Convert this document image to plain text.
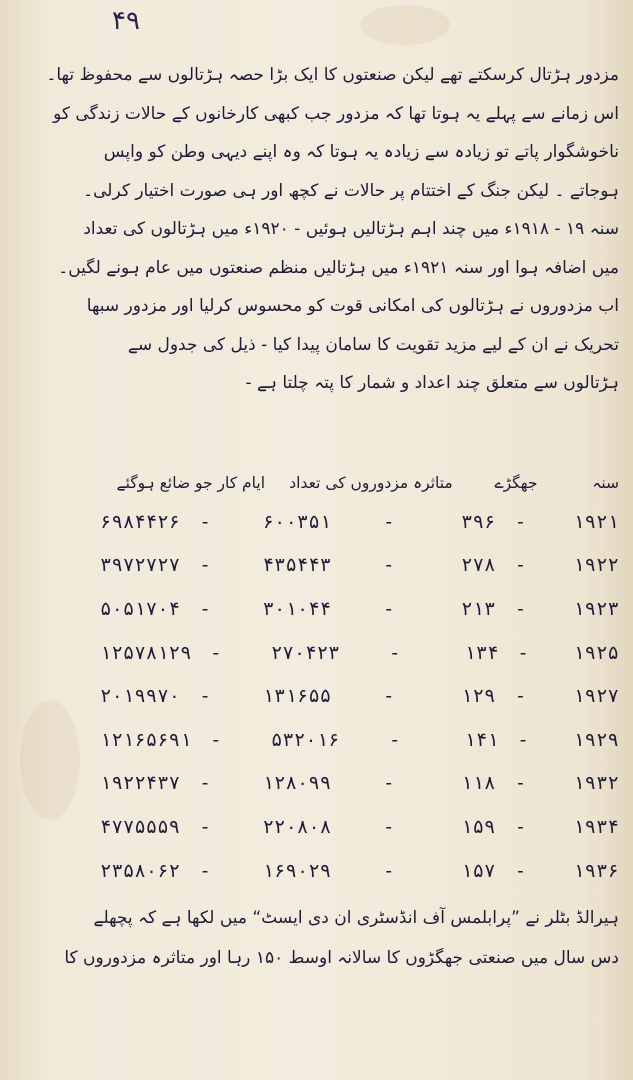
۴۹
مزدور ہڑتال کرسکتے تھے لیکن صنعتوں کا ایک بڑا حصہ ہڑتالوں سے محفوظ تھا۔
اس زمانے سے پہلے یہ ہوتا تھا کہ مزدور جب کبھی کارخانوں کے حالات زندگی کو
ناخوشگوار پاتے تو زیادہ سے زیادہ یہ ہوتا کہ وہ اپنے دیہی وطن کو واپس
ہوجاتے ۔ لیکن جنگ کے اختتام پر حالات نے کچھ اور ہی صورت اختیار کرلی۔
سنہ ۱۹ - ۱۹۱۸ء میں چند اہم ہڑتالیں ہوئیں - ۱۹۲۰ء میں ہڑتالوں کی تعداد
میں اضافہ ہوا اور سنہ ۱۹۲۱ء میں ہڑتالیں منظم صنعتوں میں عام ہونے لگیں۔
اب مزدوروں نے ہڑتالوں کی امکانی قوت کو محسوس کرلیا اور مزدور سبھا
تحریک نے ان کے لیے مزید تقویت کا سامان پیدا کیا - ذیل کی جدول سے
ہڑتالوں سے متعلق چند اعداد و شمار کا پتہ چلتا ہے -
سنہ
جھگڑے
متاثرہ مزدوروں کی تعداد
ایام کار جو ضائع ہوگئے
۱۹۲۱
-
۳۹۶
-
۶۰۰۳۵۱
-
۶۹۸۴۴۲۶
۱۹۲۲
-
۲۷۸
-
۴۳۵۴۴۳
-
۳۹۷۲۷۲۷
۱۹۲۳
-
۲۱۳
-
۳۰۱۰۴۴
-
۵۰۵۱۷۰۴
۱۹۲۵
-
۱۳۴
-
۲۷۰۴۲۳
-
۱۲۵۷۸۱۲۹
۱۹۲۷
-
۱۲۹
-
۱۳۱۶۵۵
-
۲۰۱۹۹۷۰
۱۹۲۹
-
۱۴۱
-
۵۳۲۰۱۶
-
۱۲۱۶۵۶۹۱
۱۹۳۲
-
۱۱۸
-
۱۲۸۰۹۹
-
۱۹۲۲۴۳۷
۱۹۳۴
-
۱۵۹
-
۲۲۰۸۰۸
-
۴۷۷۵۵۵۹
۱۹۳۶
-
۱۵۷
-
۱۶۹۰۲۹
-
۲۳۵۸۰۶۲
ہیرالڈ بٹلر نے ”پرابلمس آف انڈسٹری ان دی ایسٹ“ میں لکھا ہے کہ پچھلے
دس سال میں صنعتی جھگڑوں کا سالانہ اوسط ۱۵۰ رہا اور متاثرہ مزدوروں کا
